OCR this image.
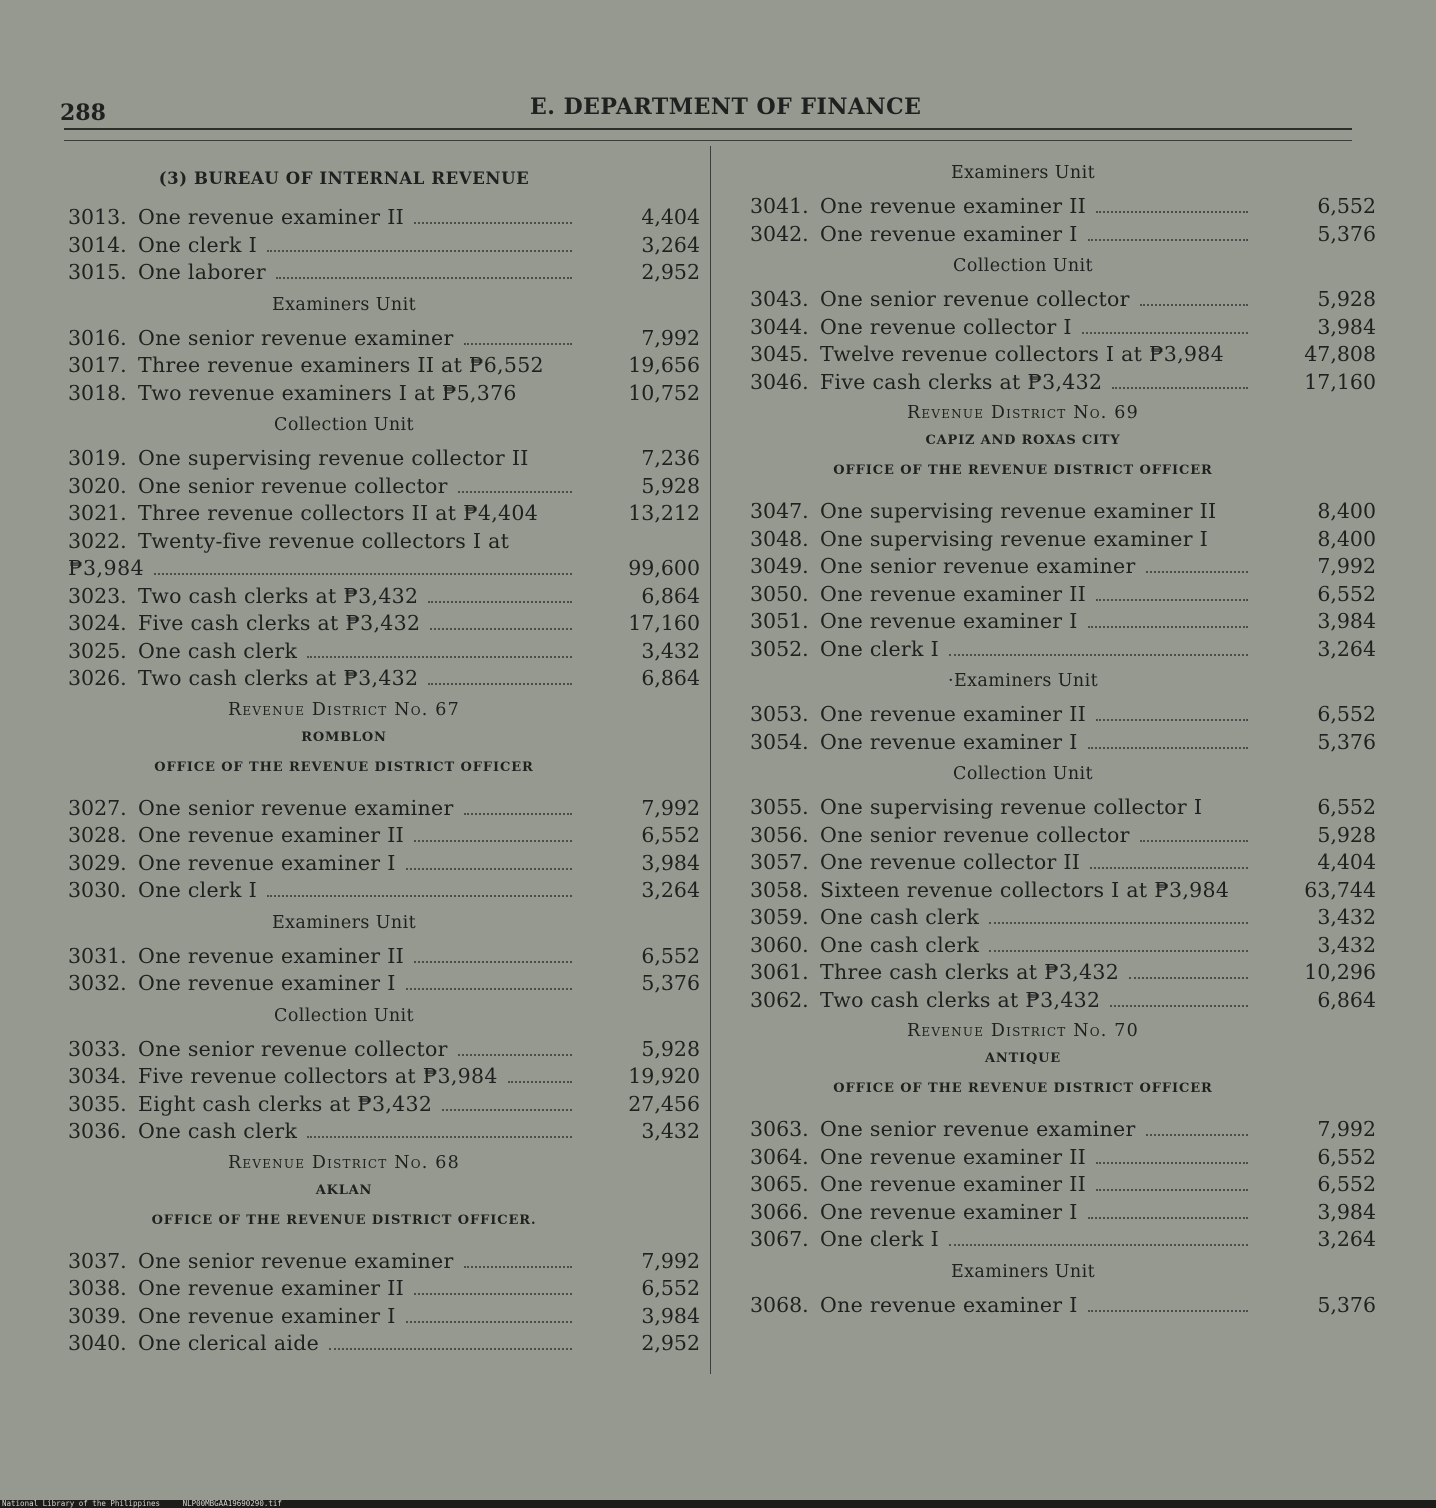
288	E. DEPARTMENT OF FINANCE
(3) BUREAU OF INTERNAL REVENUE
3013. One revenue examiner II	4,404
3014. One clerk I	3,264
3015. One laborer	2,952
Examiners Unit
3016. One senior revenue examiner	7,992
3017. Three revenue examiners II at ₱6,552	19,656
3018. Two revenue examiners I at ₱5,376	10,752
Collection Unit
3019. One supervising revenue collector II	7,236
3020. One senior revenue collector	5,928
3021. Three revenue collectors II at ₱4,404	13,212
3022. Twenty-five revenue collectors I at
₱3,984	99,600
3023. Two cash clerks at ₱3,432	6,864
3024. Five cash clerks at ₱3,432	17,160
3025. One cash clerk	3,432
3026. Two cash clerks at ₱3,432	6,864
Revenue District No. 67
ROMBLON
OFFICE OF THE REVENUE DISTRICT OFFICER
3027. One senior revenue examiner	7,992
3028. One revenue examiner II	6,552
3029. One revenue examiner I	3,984
3030. One clerk I	3,264
Examiners Unit
3031. One revenue examiner II	6,552
3032. One revenue examiner I	5,376
Collection Unit
3033. One senior revenue collector	5,928
3034. Five revenue collectors at ₱3,984	19,920
3035. Eight cash clerks at ₱3,432	27,456
3036. One cash clerk	3,432
Revenue District No. 68
AKLAN
OFFICE OF THE REVENUE DISTRICT OFFICER.
3037. One senior revenue examiner	7,992
3038. One revenue examiner II	6,552
3039. One revenue examiner I	3,984
3040. One clerical aide	2,952
Examiners Unit
3041. One revenue examiner II	6,552
3042. One revenue examiner I	5,376
Collection Unit
3043. One senior revenue collector	5,928
3044. One revenue collector I	3,984
3045. Twelve revenue collectors I at ₱3,984	47,808
3046. Five cash clerks at ₱3,432	17,160
Revenue District No. 69
CAPIZ AND ROXAS CITY
OFFICE OF THE REVENUE DISTRICT OFFICER
3047. One supervising revenue examiner II	8,400
3048. One supervising revenue examiner I	8,400
3049. One senior revenue examiner	7,992
3050. One revenue examiner II	6,552
3051. One revenue examiner I	3,984
3052. One clerk I	3,264
·Examiners Unit
3053. One revenue examiner II	6,552
3054. One revenue examiner I	5,376
Collection Unit
3055. One supervising revenue collector I	6,552
3056. One senior revenue collector	5,928
3057. One revenue collector II	4,404
3058. Sixteen revenue collectors I at ₱3,984	63,744
3059. One cash clerk	3,432
3060. One cash clerk	3,432
3061. Three cash clerks at ₱3,432	10,296
3062. Two cash clerks at ₱3,432	6,864
Revenue District No. 70
ANTIQUE
OFFICE OF THE REVENUE DISTRICT OFFICER
3063. One senior revenue examiner	7,992
3064. One revenue examiner II	6,552
3065. One revenue examiner II	6,552
3066. One revenue examiner I	3,984
3067. One clerk I	3,264
Examiners Unit
3068. One revenue examiner I	5,376
National Library of the Philippines	NLP00MBGAA19690290.tif
